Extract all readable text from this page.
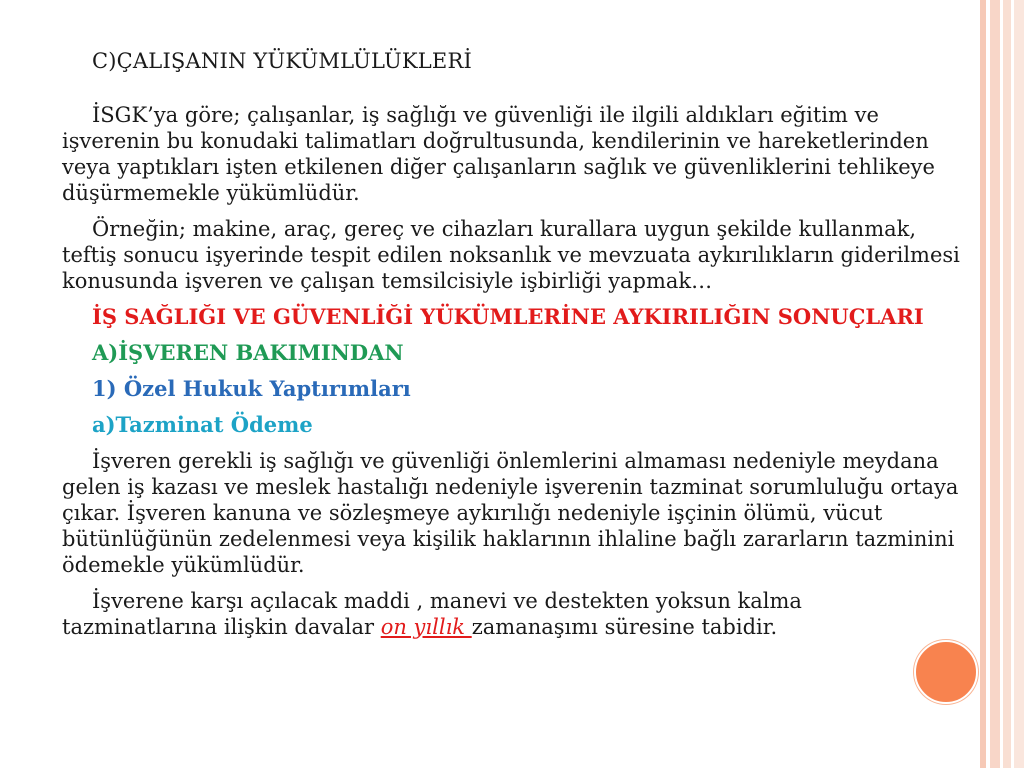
C)ÇALIŞANIN YÜKÜMLÜLÜKLERİ

İSGK’ya göre; çalışanlar, iş sağlığı ve güvenliği ile ilgili aldıkları eğitim ve işverenin bu konudaki talimatları doğrultusunda, kendilerinin ve hareketlerinden veya yaptıkları işten etkilenen diğer çalışanların sağlık ve güvenliklerini tehlikeye düşürmemekle yükümlüdür.

Örneğin; makine, araç, gereç ve cihazları kurallara uygun şekilde kullanmak, teftiş sonucu işyerinde tespit edilen noksanlık ve mevzuata aykırılıkların giderilmesi konusunda işveren ve çalışan temsilcisiyle işbirliği yapmak…

İŞ SAĞLIĞI VE GÜVENLİĞİ YÜKÜMLERİNE AYKIRILIĞIN SONUÇLARI

A)İŞVEREN BAKIMINDAN

1) Özel Hukuk Yaptırımları

a)Tazminat Ödeme

İşveren gerekli iş sağlığı ve güvenliği önlemlerini almaması nedeniyle meydana gelen iş kazası ve meslek hastalığı nedeniyle işverenin tazminat sorumluluğu ortaya çıkar. İşveren kanuna ve sözleşmeye aykırılığı nedeniyle işçinin ölümü, vücut bütünlüğünün zedelenmesi veya kişilik haklarının ihlaline bağlı zararların tazminini ödemekle yükümlüdür.

İşverene karşı açılacak maddi , manevi ve destekten yoksun kalma tazminatlarına ilişkin davalar on yıllık zamanaşımı süresine tabidir.
